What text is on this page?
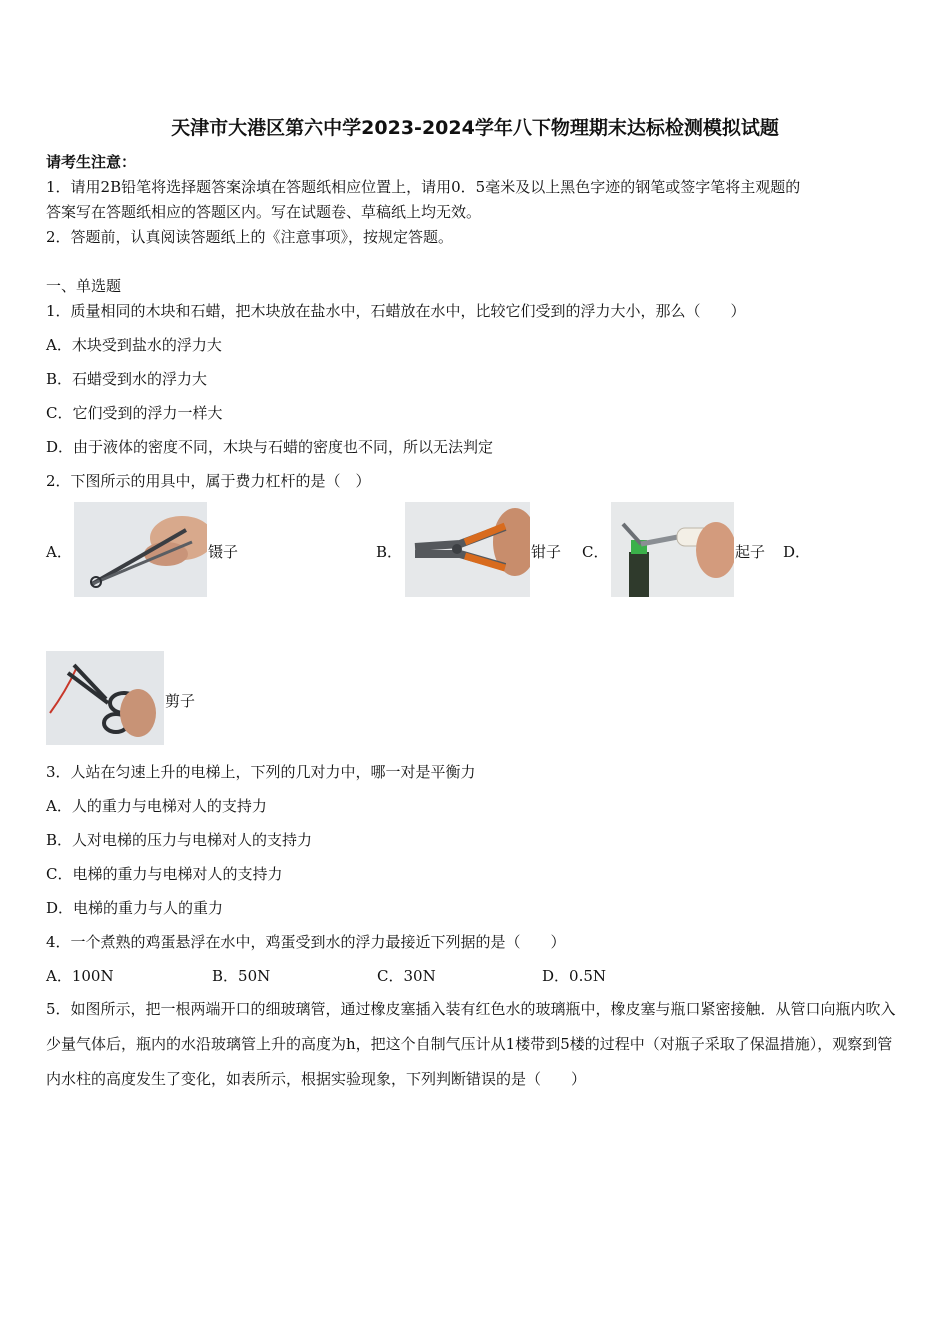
天津市大港区第六中学2023-2024学年八下物理期末达标检测模拟试题
请考生注意：
1．请用2B铅笔将选择题答案涂填在答题纸相应位置上，请用0．5毫米及以上黑色字迹的钢笔或签字笔将主观题的
答案写在答题纸相应的答题区内。写在试题卷、草稿纸上均无效。
2．答题前，认真阅读答题纸上的《注意事项》，按规定答题。
一、单选题
1．质量相同的木块和石蜡，把木块放在盐水中，石蜡放在水中，比较它们受到的浮力大小，那么（　　）
A．木块受到盐水的浮力大
B．石蜡受到水的浮力大
C．它们受到的浮力一样大
D．由于液体的密度不同，木块与石蜡的密度也不同，所以无法判定
2．下图所示的用具中，属于费力杠杆的是（　）
A．	镊子	B．	钳子 C．	起子 D．
剪子
3．人站在匀速上升的电梯上，下列的几对力中，哪一对是平衡力
A．人的重力与电梯对人的支持力
B．人对电梯的压力与电梯对人的支持力
C．电梯的重力与电梯对人的支持力
D．电梯的重力与人的重力
4．一个煮熟的鸡蛋悬浮在水中，鸡蛋受到水的浮力最接近下列据的是（　　）
A．100N	B．50N	C．30N	D．0.5N
5．如图所示，把一根两端开口的细玻璃管，通过橡皮塞插入装有红色水的玻璃瓶中，橡皮塞与瓶口紧密接触．从管口向瓶内吹入少量气体后，瓶内的水沿玻璃管上升的高度为h，把这个自制气压计从1楼带到5楼的过程中（对瓶子采取了保温措施），观察到管内水柱的高度发生了变化，如表所示，根据实验现象，下列判断错误的是（　　）
